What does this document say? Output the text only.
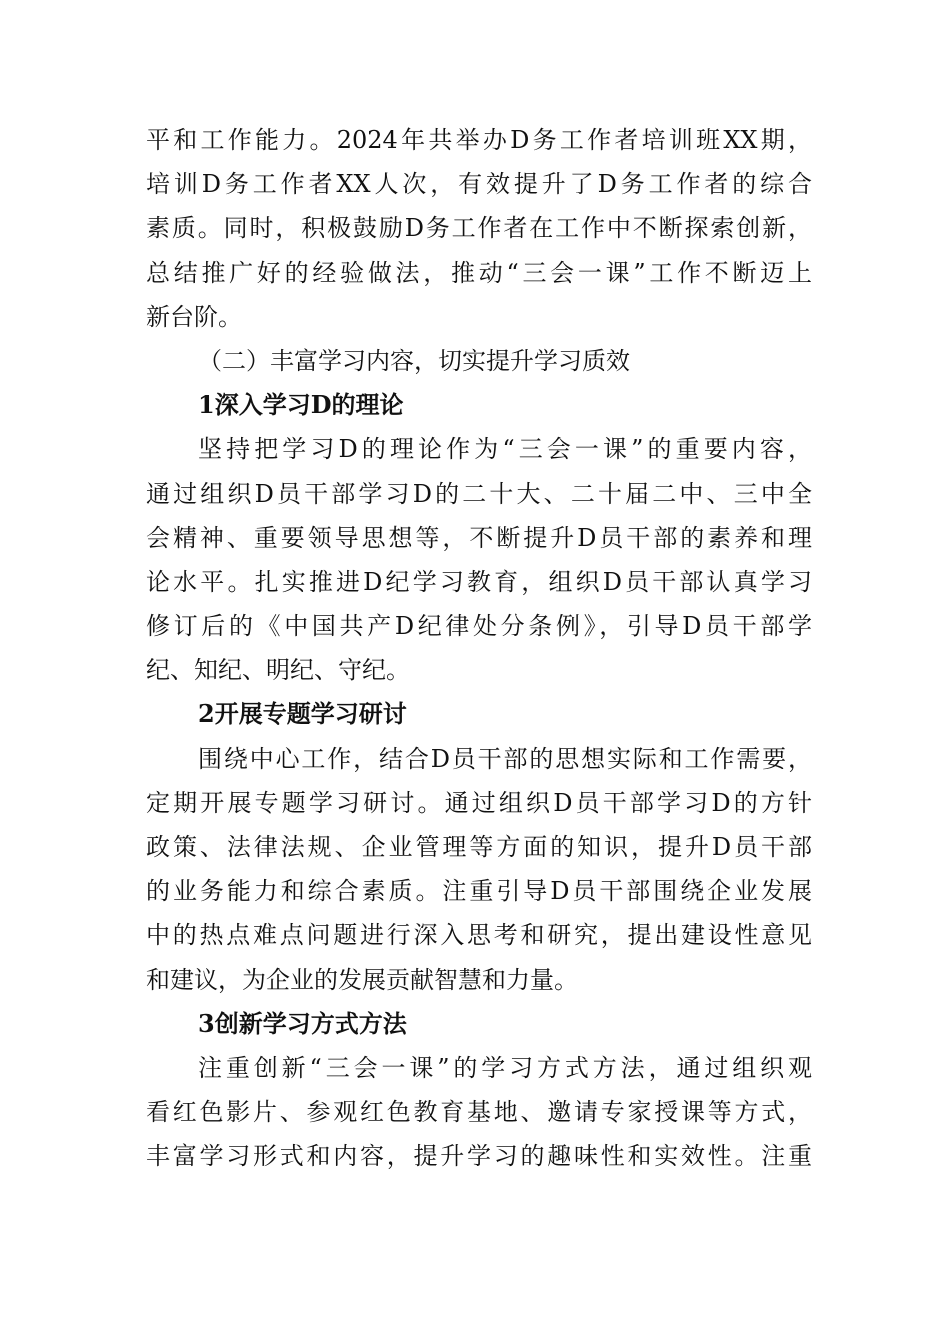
平和工作能力。2024年共举办D务工作者培训班XX期，
培训D务工作者XX人次，有效提升了D务工作者的综合
素质。同时，积极鼓励D务工作者在工作中不断探索创新，
总结推广好的经验做法，推动“三会一课”工作不断迈上
新台阶。
（二）丰富学习内容，切实提升学习质效
1深入学习D的理论
坚持把学习D的理论作为“三会一课”的重要内容，
通过组织D员干部学习D的二十大、二十届二中、三中全
会精神、重要领导思想等，不断提升D员干部的素养和理
论水平。扎实推进D纪学习教育，组织D员干部认真学习
修订后的《中国共产D纪律处分条例》，引导D员干部学
纪、知纪、明纪、守纪。
2开展专题学习研讨
围绕中心工作，结合D员干部的思想实际和工作需要，
定期开展专题学习研讨。通过组织D员干部学习D的方针
政策、法律法规、企业管理等方面的知识，提升D员干部
的业务能力和综合素质。注重引导D员干部围绕企业发展
中的热点难点问题进行深入思考和研究，提出建设性意见
和建议，为企业的发展贡献智慧和力量。
3创新学习方式方法
注重创新“三会一课”的学习方式方法，通过组织观
看红色影片、参观红色教育基地、邀请专家授课等方式，
丰富学习形式和内容，提升学习的趣味性和实效性。注重
